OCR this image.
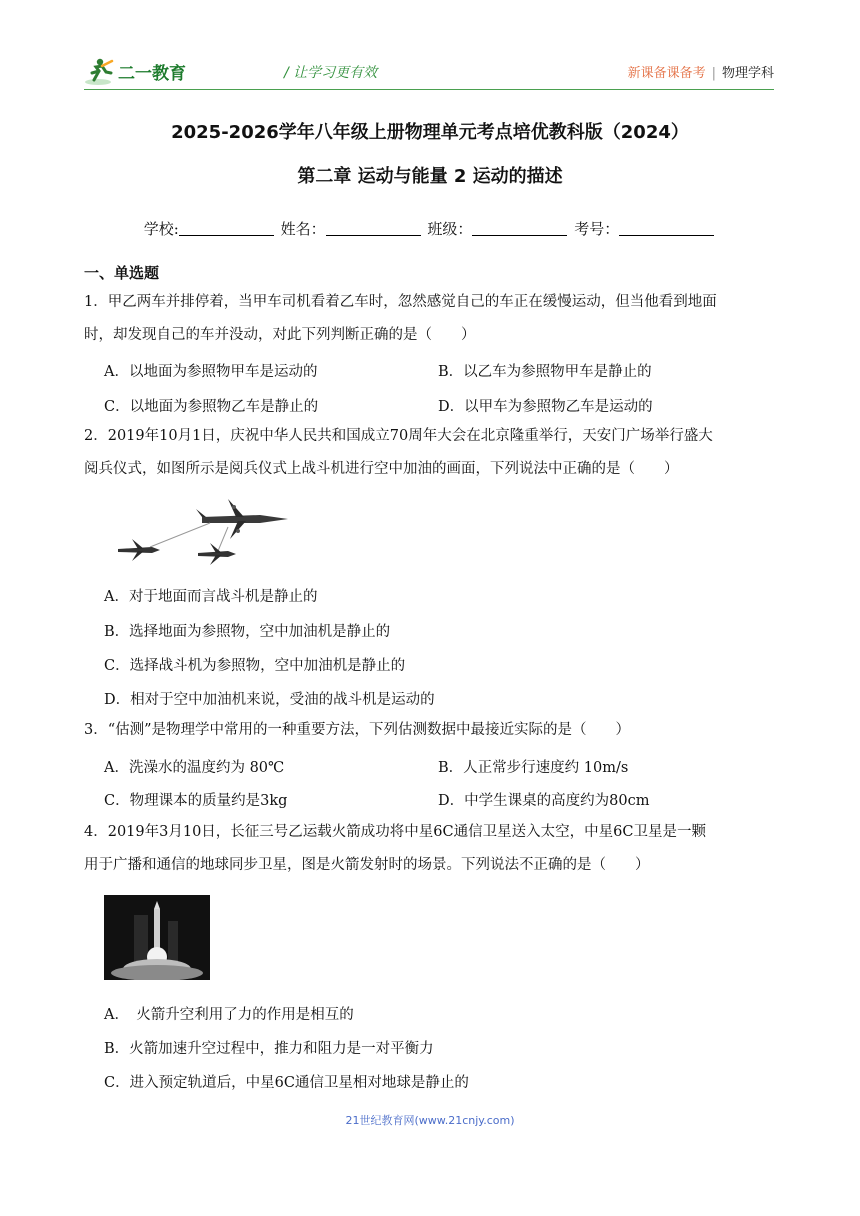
二一教育	/ 让学习更有效	新课备课备考 | 物理学科
2025-2026学年八年级上册物理单元考点培优教科版（2024）
第二章 运动与能量 2 运动的描述
学校:	姓名：	班级：	考号：
一、单选题
1．甲乙两车并排停着，当甲车司机看着乙车时，忽然感觉自己的车正在缓慢运动，但当他看到地面
时，却发现自己的车并没动，对此下列判断正确的是（　　）
A．以地面为参照物甲车是运动的	B．以乙车为参照物甲车是静止的
C．以地面为参照物乙车是静止的	D．以甲车为参照物乙车是运动的
2．2019年10月1日，庆祝中华人民共和国成立70周年大会在北京隆重举行，天安门广场举行盛大
阅兵仪式，如图所示是阅兵仪式上战斗机进行空中加油的画面，下列说法中正确的是（　　）
A．对于地面而言战斗机是静止的
B．选择地面为参照物，空中加油机是静止的
C．选择战斗机为参照物，空中加油机是静止的
D．相对于空中加油机来说，受油的战斗机是运动的
3．“估测”是物理学中常用的一种重要方法，下列估测数据中最接近实际的是（　　）
A．洗澡水的温度约为 80℃	B．人正常步行速度约 10m/s
C．物理课本的质量约是3kg	D．中学生课桌的高度约为80cm
4．2019年3月10日，长征三号乙运载火箭成功将中星6C通信卫星送入太空，中星6C卫星是一颗
用于广播和通信的地球同步卫星，图是火箭发射时的场景。下列说法不正确的是（　　）
A．　火箭升空利用了力的作用是相互的
B．火箭加速升空过程中，推力和阻力是一对平衡力
C．进入预定轨道后，中星6C通信卫星相对地球是静止的
21世纪教育网(www.21cnjy.com)
